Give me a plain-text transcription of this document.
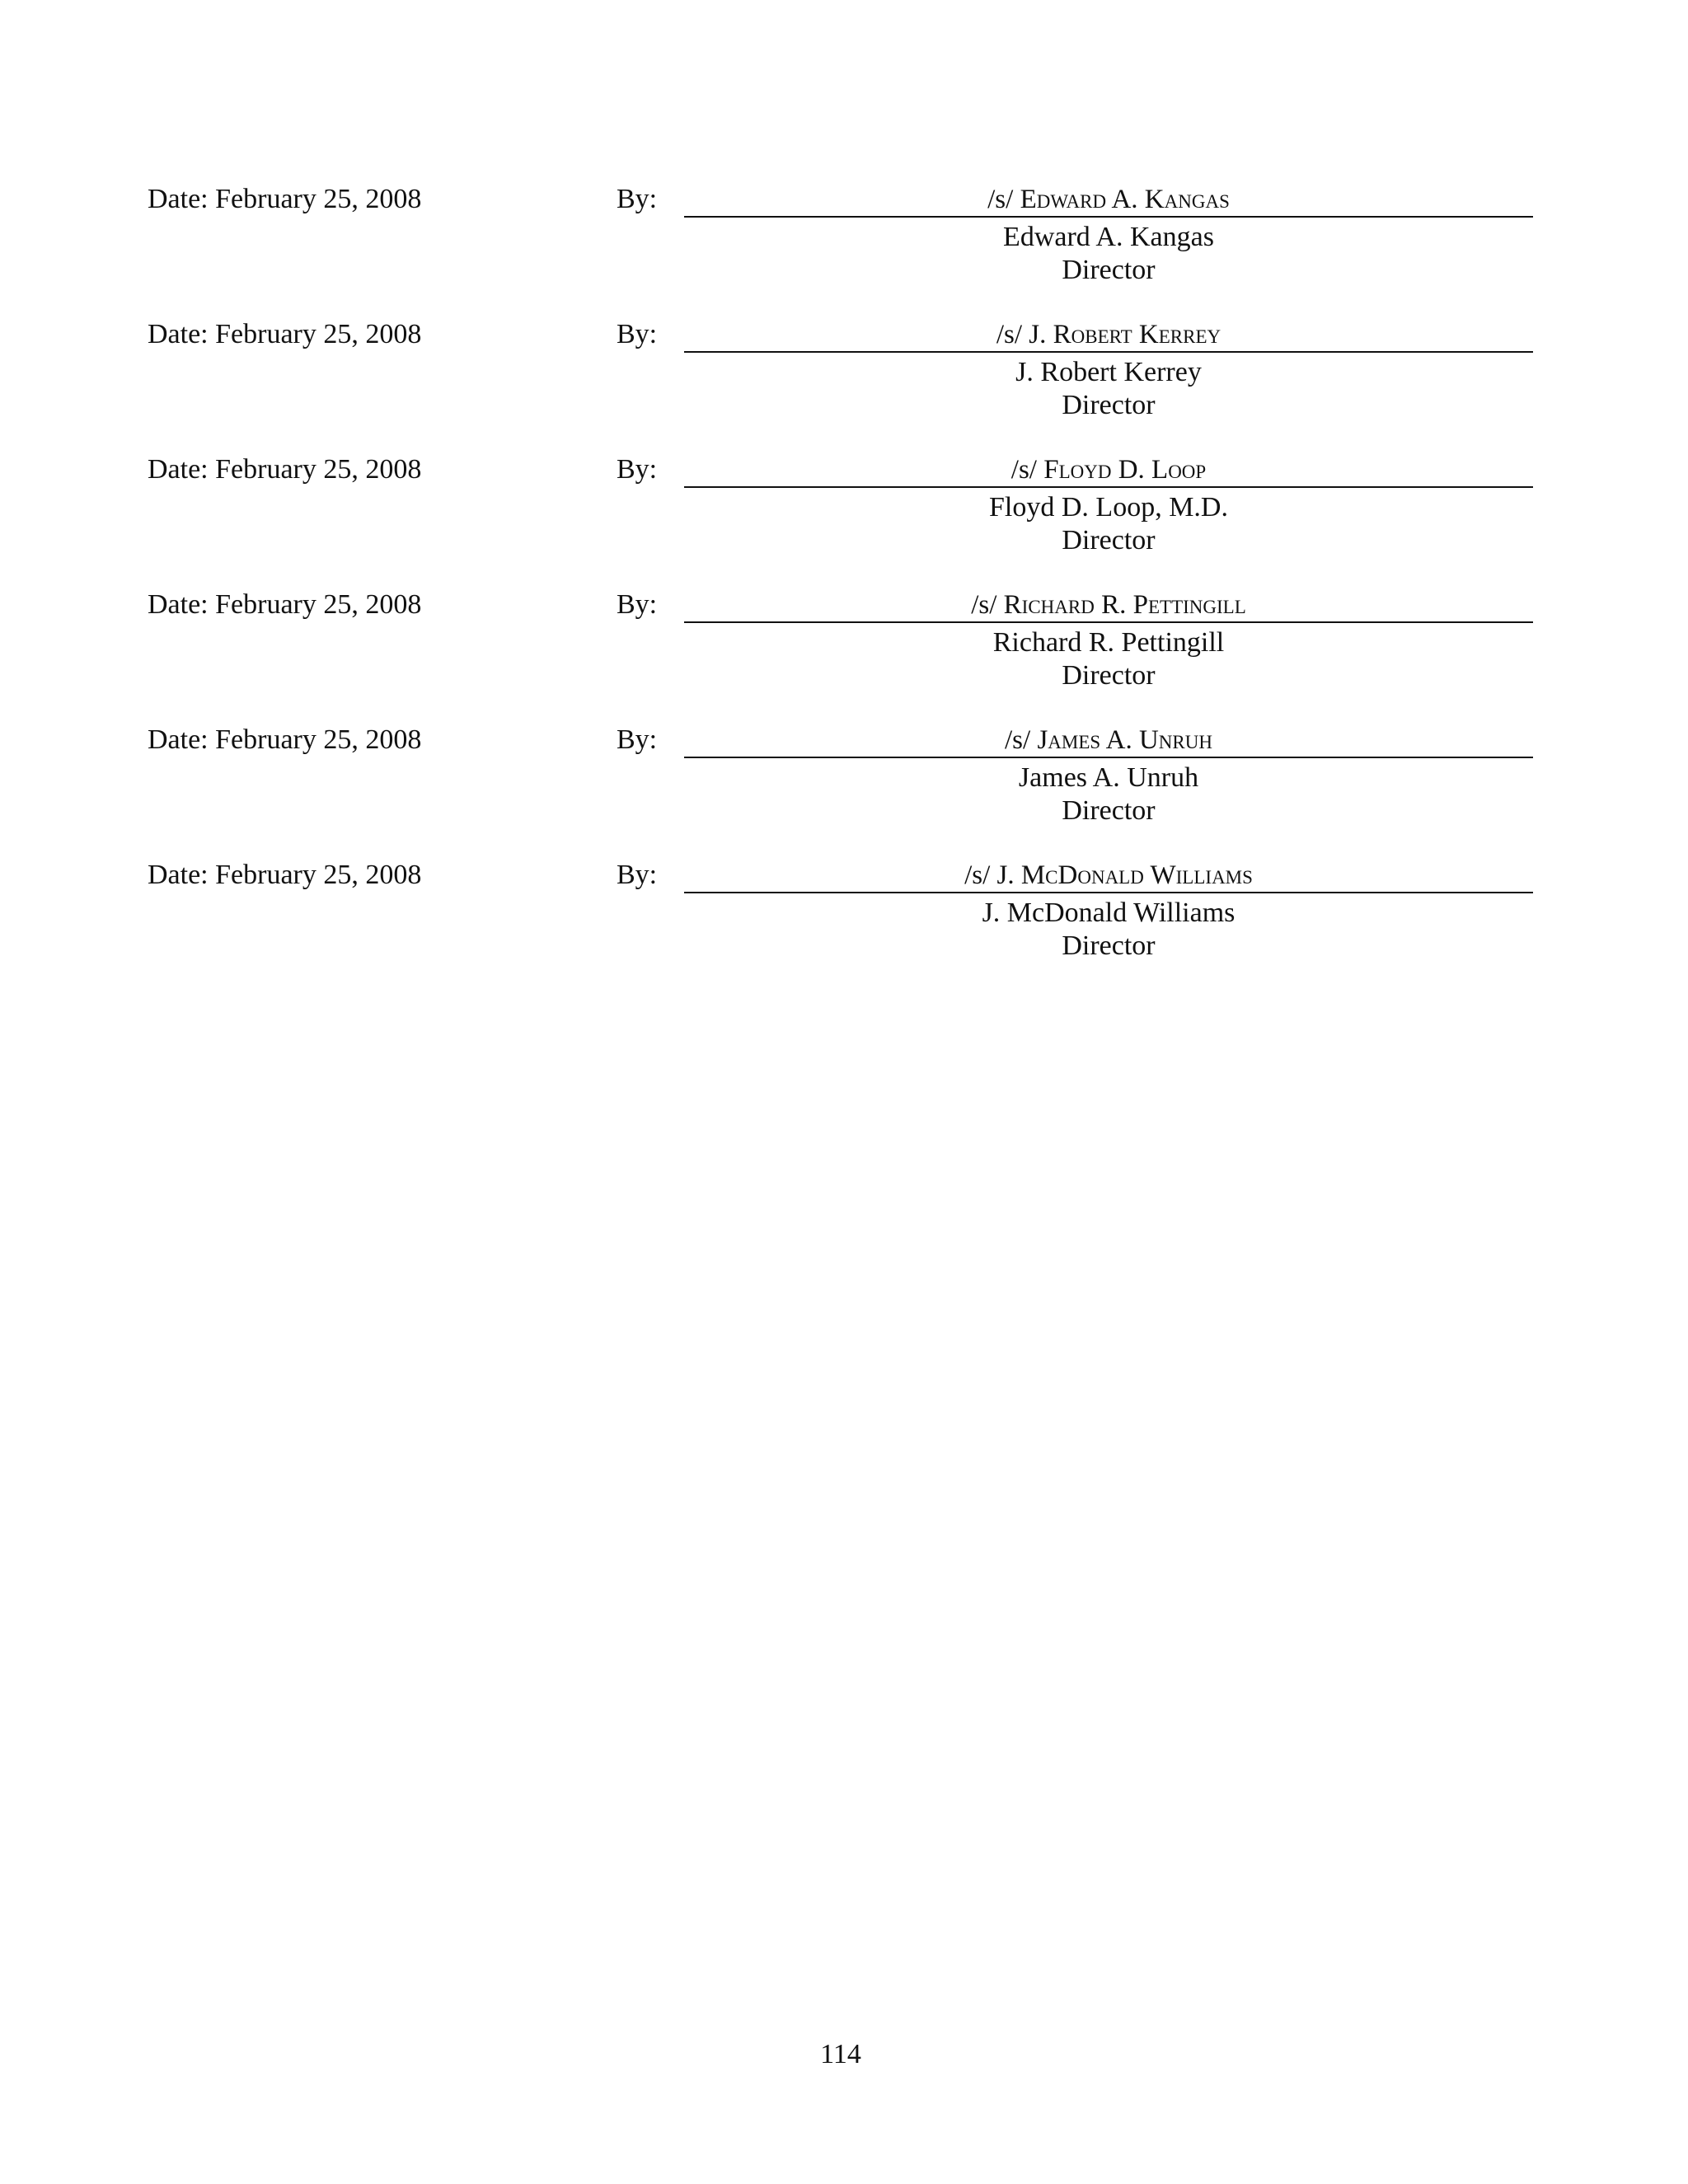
Date: February 25, 2008	By:	/s/ Edward A. Kangas
Edward A. Kangas
Director
Date: February 25, 2008	By:	/s/ J. Robert Kerrey
J. Robert Kerrey
Director
Date: February 25, 2008	By:	/s/ Floyd D. Loop
Floyd D. Loop, M.D.
Director
Date: February 25, 2008	By:	/s/ Richard R. Pettingill
Richard R. Pettingill
Director
Date: February 25, 2008	By:	/s/ James A. Unruh
James A. Unruh
Director
Date: February 25, 2008	By:	/s/ J. McDonald Williams
J. McDonald Williams
Director
114
